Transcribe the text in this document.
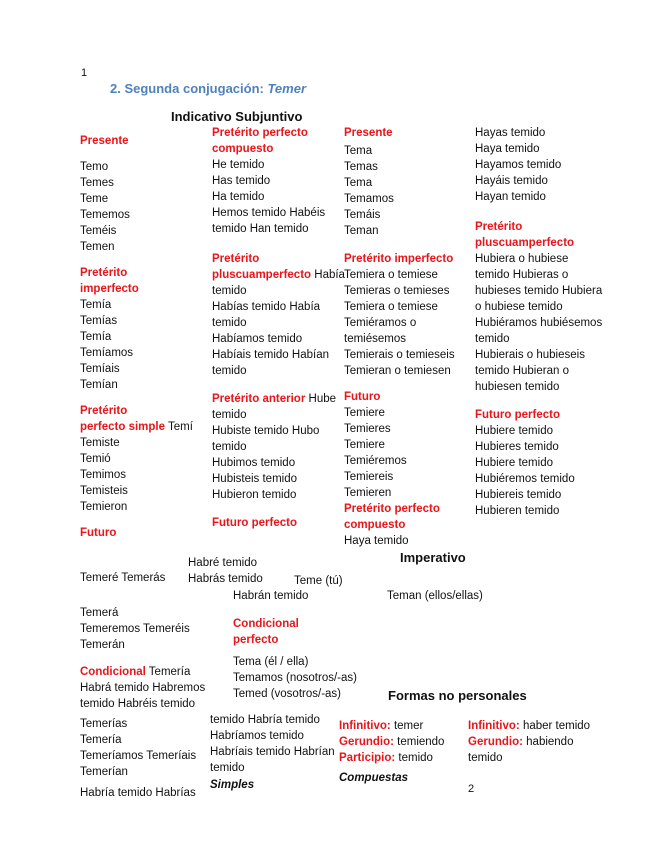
1
2. Segunda conjugación: Temer
Indicativo Subjuntivo
Presente
Temo
Temes
Teme
Tememos
Teméis
Temen
Pretérito
imperfecto
Temía
Temías
Temía
Temíamos
Temíais
Temían
Pretérito
perfecto simple Temí
Temiste
Temió
Temimos
Temisteis
Temieron
Futuro
Pretérito perfecto
compuesto
He temido
Has temido
Ha temido
Hemos temido Habéis
temido Han temido
Pretérito
pluscuamperfecto Había
temido
Habías temido Había
temido
Habíamos temido
Habíais temido Habían
temido
Pretérito anterior Hube
temido
Hubiste temido Hubo
temido
Hubimos temido
Hubisteis temido
Hubieron temido
Futuro perfecto
Presente
Tema
Temas
Tema
Temamos
Temáis
Teman
Pretérito imperfecto
Temiera o temiese
Temieras o temieses
Temiera o temiese
Temiéramos o
temiésemos
Temierais o temieseis
Temieran o temiesen
Futuro
Temiere
Temieres
Temiere
Temiéremos
Temiereis
Temieren
Pretérito perfecto
compuesto
Haya temido
Hayas temido
Haya temido
Hayamos temido
Hayáis temido
Hayan temido
Pretérito
pluscuamperfecto
Hubiera o hubiese
temido Hubieras o
hubieses temido Hubiera
o hubiese temido
Hubiéramos hubiésemos
temido
Hubierais o hubieseis
temido Hubieran o
hubiesen temido
Futuro perfecto
Hubiere temido
Hubieres temido
Hubiere temido
Hubiéremos temido
Hubiereis temido
Hubieren temido
Imperativo
Habré temido
Habrás temido
Temeré Temerás	Teme (tú)
Habrán temido	Teman (ellos/ellas)
Temerá
Temeremos Temeréis
Temerán
Condicional
perfecto
Tema (él / ella)
Temamos (nosotros/-as)
Temed (vosotros/-as)
Condicional Temería
Habrá temido Habremos
temido Habréis temido
Formas no personales
Temerías
Temería
Temeríamos Temeríais
Temerían
Habría temido Habrías
temido Habría temido
Habríamos temido
Habríais temido Habrían
temido
Simples
Infinitivo: temer
Gerundio: temiendo
Participio: temido
Compuestas
Infinitivo: haber temido
Gerundio: habiendo
temido
2
